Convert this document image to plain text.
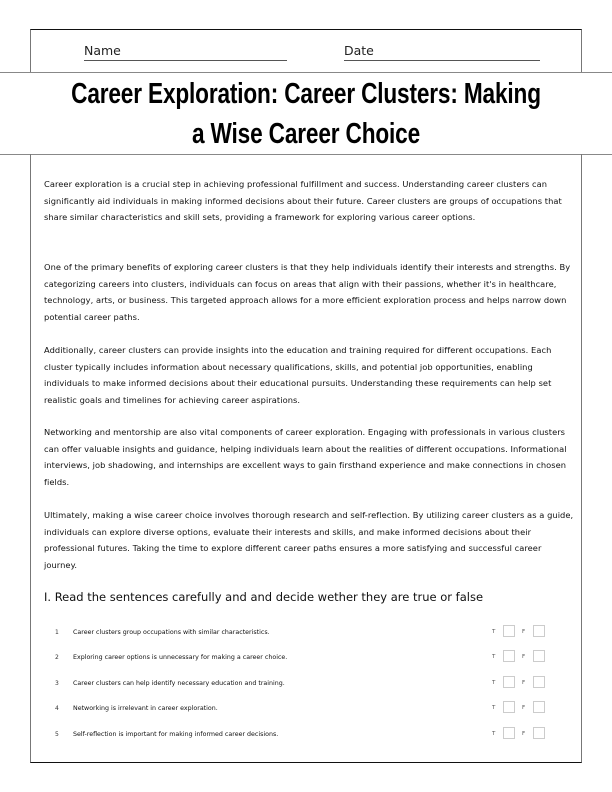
Name	Date
Career Exploration: Career Clusters: Making a Wise Career Choice

Career exploration is a crucial step in achieving professional fulfillment and success. Understanding career clusters can significantly aid individuals in making informed decisions about their future. Career clusters are groups of occupations that share similar characteristics and skill sets, providing a framework for exploring various career options.

One of the primary benefits of exploring career clusters is that they help individuals identify their interests and strengths. By categorizing careers into clusters, individuals can focus on areas that align with their passions, whether it's in healthcare, technology, arts, or business. This targeted approach allows for a more efficient exploration process and helps narrow down potential career paths.

Additionally, career clusters can provide insights into the education and training required for different occupations. Each cluster typically includes information about necessary qualifications, skills, and potential job opportunities, enabling individuals to make informed decisions about their educational pursuits. Understanding these requirements can help set realistic goals and timelines for achieving career aspirations.

Networking and mentorship are also vital components of career exploration. Engaging with professionals in various clusters can offer valuable insights and guidance, helping individuals learn about the realities of different occupations. Informational interviews, job shadowing, and internships are excellent ways to gain firsthand experience and make connections in chosen fields.

Ultimately, making a wise career choice involves thorough research and self-reflection. By utilizing career clusters as a guide, individuals can explore diverse options, evaluate their interests and skills, and make informed decisions about their professional futures. Taking the time to explore different career paths ensures a more satisfying and successful career journey.

I. Read the sentences carefully and and decide wether they are true or false
1 Career clusters group occupations with similar characteristics.	T	F
2 Exploring career options is unnecessary for making a career choice.	T	F
3 Career clusters can help identify necessary education and training.	T	F
4 Networking is irrelevant in career exploration.	T	F
5 Self-reflection is important for making informed career decisions.	T	F
